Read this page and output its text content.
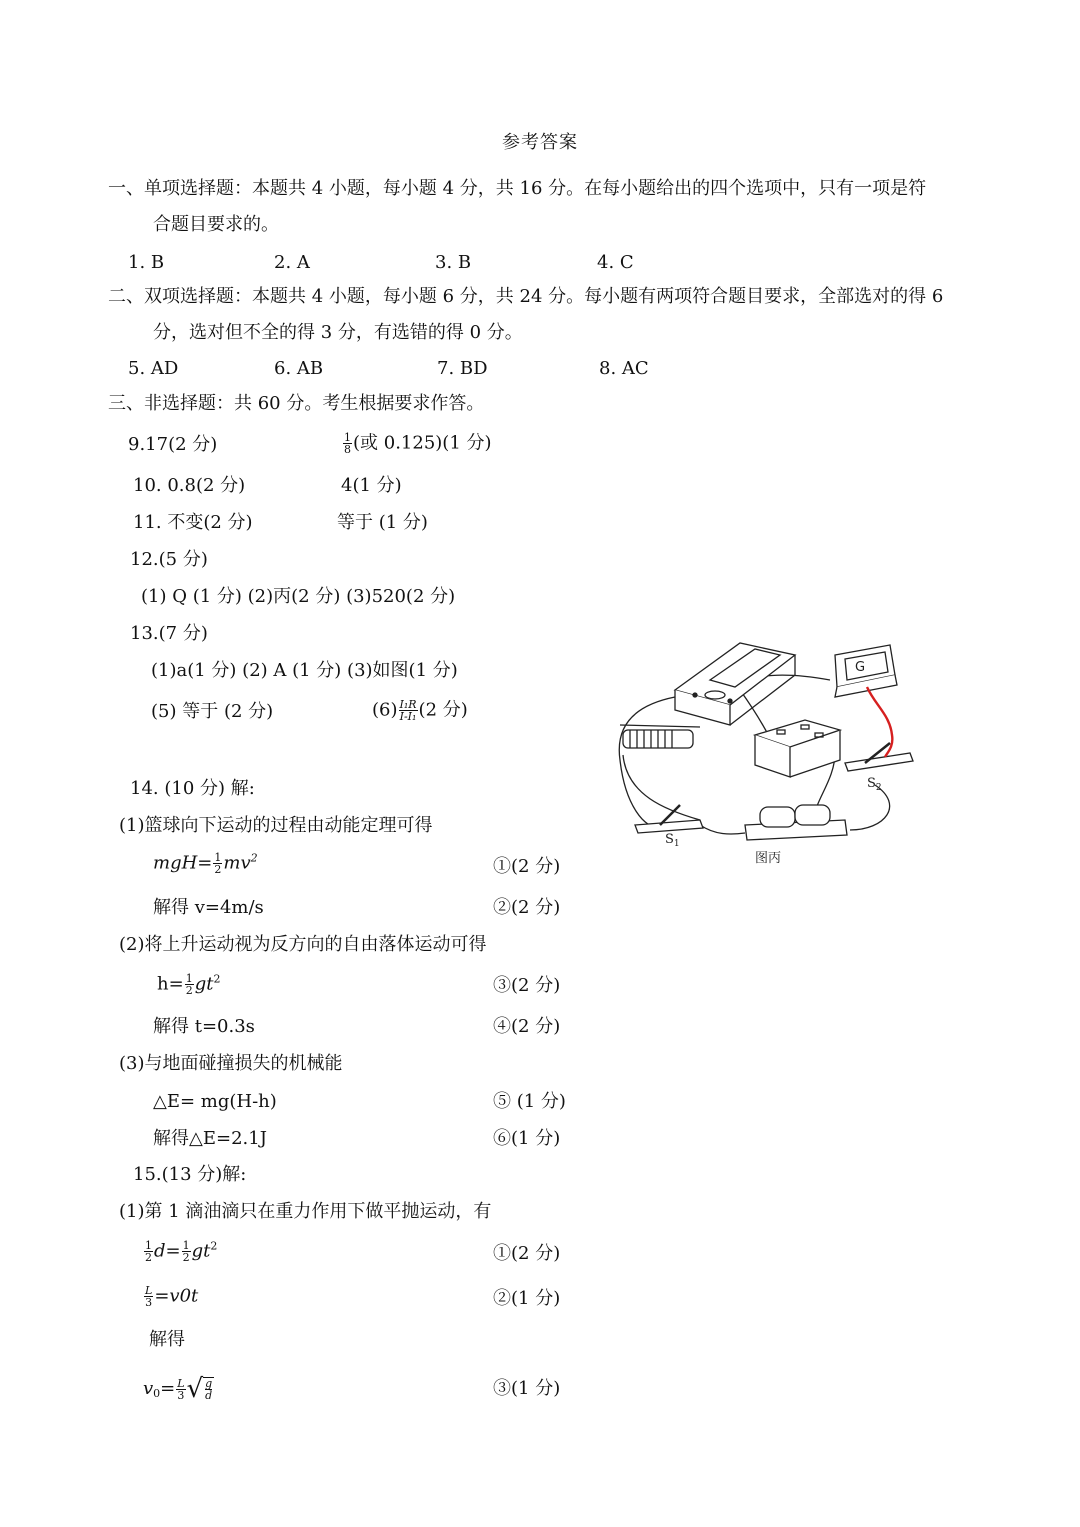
参考答案
一、单项选择题：本题共 4 小题，每小题 4 分，共 16 分。在每小题给出的四个选项中，只有一项是符
合题目要求的。
1. B	2. A	3. B	4. C
二、双项选择题：本题共 4 小题，每小题 6 分，共 24 分。每小题有两项符合题目要求，全部选对的得 6
分，选对但不全的得 3 分，有选错的得 0 分。
5. AD	6. AB	7. BD	8. AC
三、非选择题：共 60 分。考生根据要求作答。
9.17(2 分)	$\frac{1}{8}$ (或 0.125)(1 分)
10. 0.8(2 分)	4(1 分)
11. 不变(2 分)	等于 (1 分)
12.(5 分)
(1) Q (1 分) (2)丙(2 分) (3)520(2 分)
13.(7 分)
(1)a(1 分) (2) A (1 分) (3)如图(1 分)
(5) 等于 (2 分)	$(6) \frac{\text{I₁R}}{\text{I-I₁}} (2$ 分)
G
$S_1$
$S_2$
图丙
14. (10 分) 解:
(1)篮球向下运动的过程由动能定理可得
$mgH= \frac{1}{2} mv^2$	①(2 分)
解得 v=4m/s	②(2 分)
(2)将上升运动视为反方向的自由落体运动可得
$h= \frac{1}{2} gt^2$	③(2 分)
解得 t=0.3s	④(2 分)
(3)与地面碰撞损失的机械能
△E= mg(H-h)	⑤ (1 分)
解得△E=2.1J	⑥(1 分)
15.(13 分)解:
(1)第 1 滴油滴只在重力作用下做平抛运动，有
$\frac{1}{2} d= \frac{1}{2} gt^2$	①(2 分)
$\frac{L}{3} =v0t$	②(1 分)
解得
$v_0= \frac{L}{3}$ √ $\frac{g}{d}$	③(1 分)
